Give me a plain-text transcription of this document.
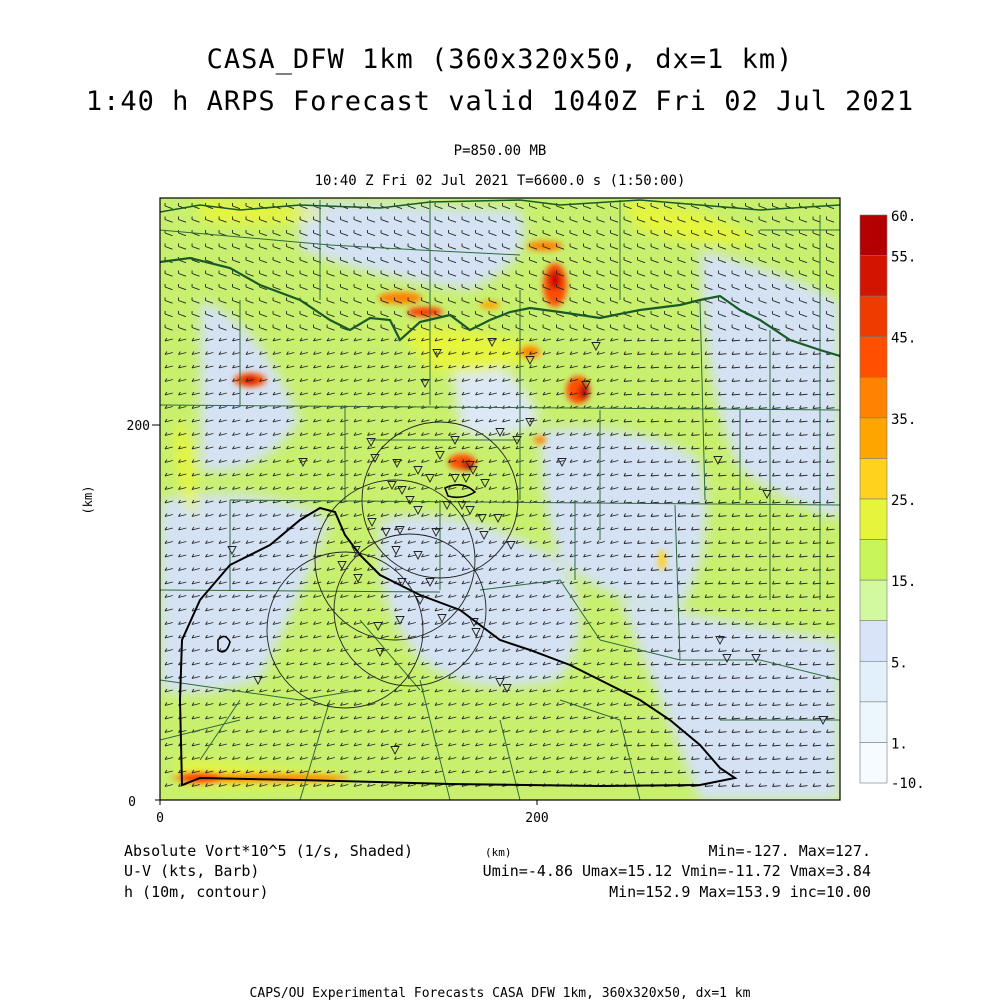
CASA_DFW 1km (360x320x50, dx=1 km)
1:40 h ARPS Forecast valid 1040Z Fri 02 Jul 2021
P=850.00 MB
10:40 Z Fri 02 Jul 2021 T=6600.0 s (1:50:00)
0
200
0	200
(km)
60.
55.
45.
35.
25.
15.
5.
1.
-10.
Absolute Vort*10^5 (1/s, Shaded)
U-V (kts, Barb)
h (10m, contour)
(km)	Min=-127. Max=127.
Umin=-4.86 Umax=15.12 Vmin=-11.72 Vmax=3.84
Min=152.9 Max=153.9 inc=10.00
CAPS/OU Experimental Forecasts CASA DFW 1km, 360x320x50, dx=1 km
